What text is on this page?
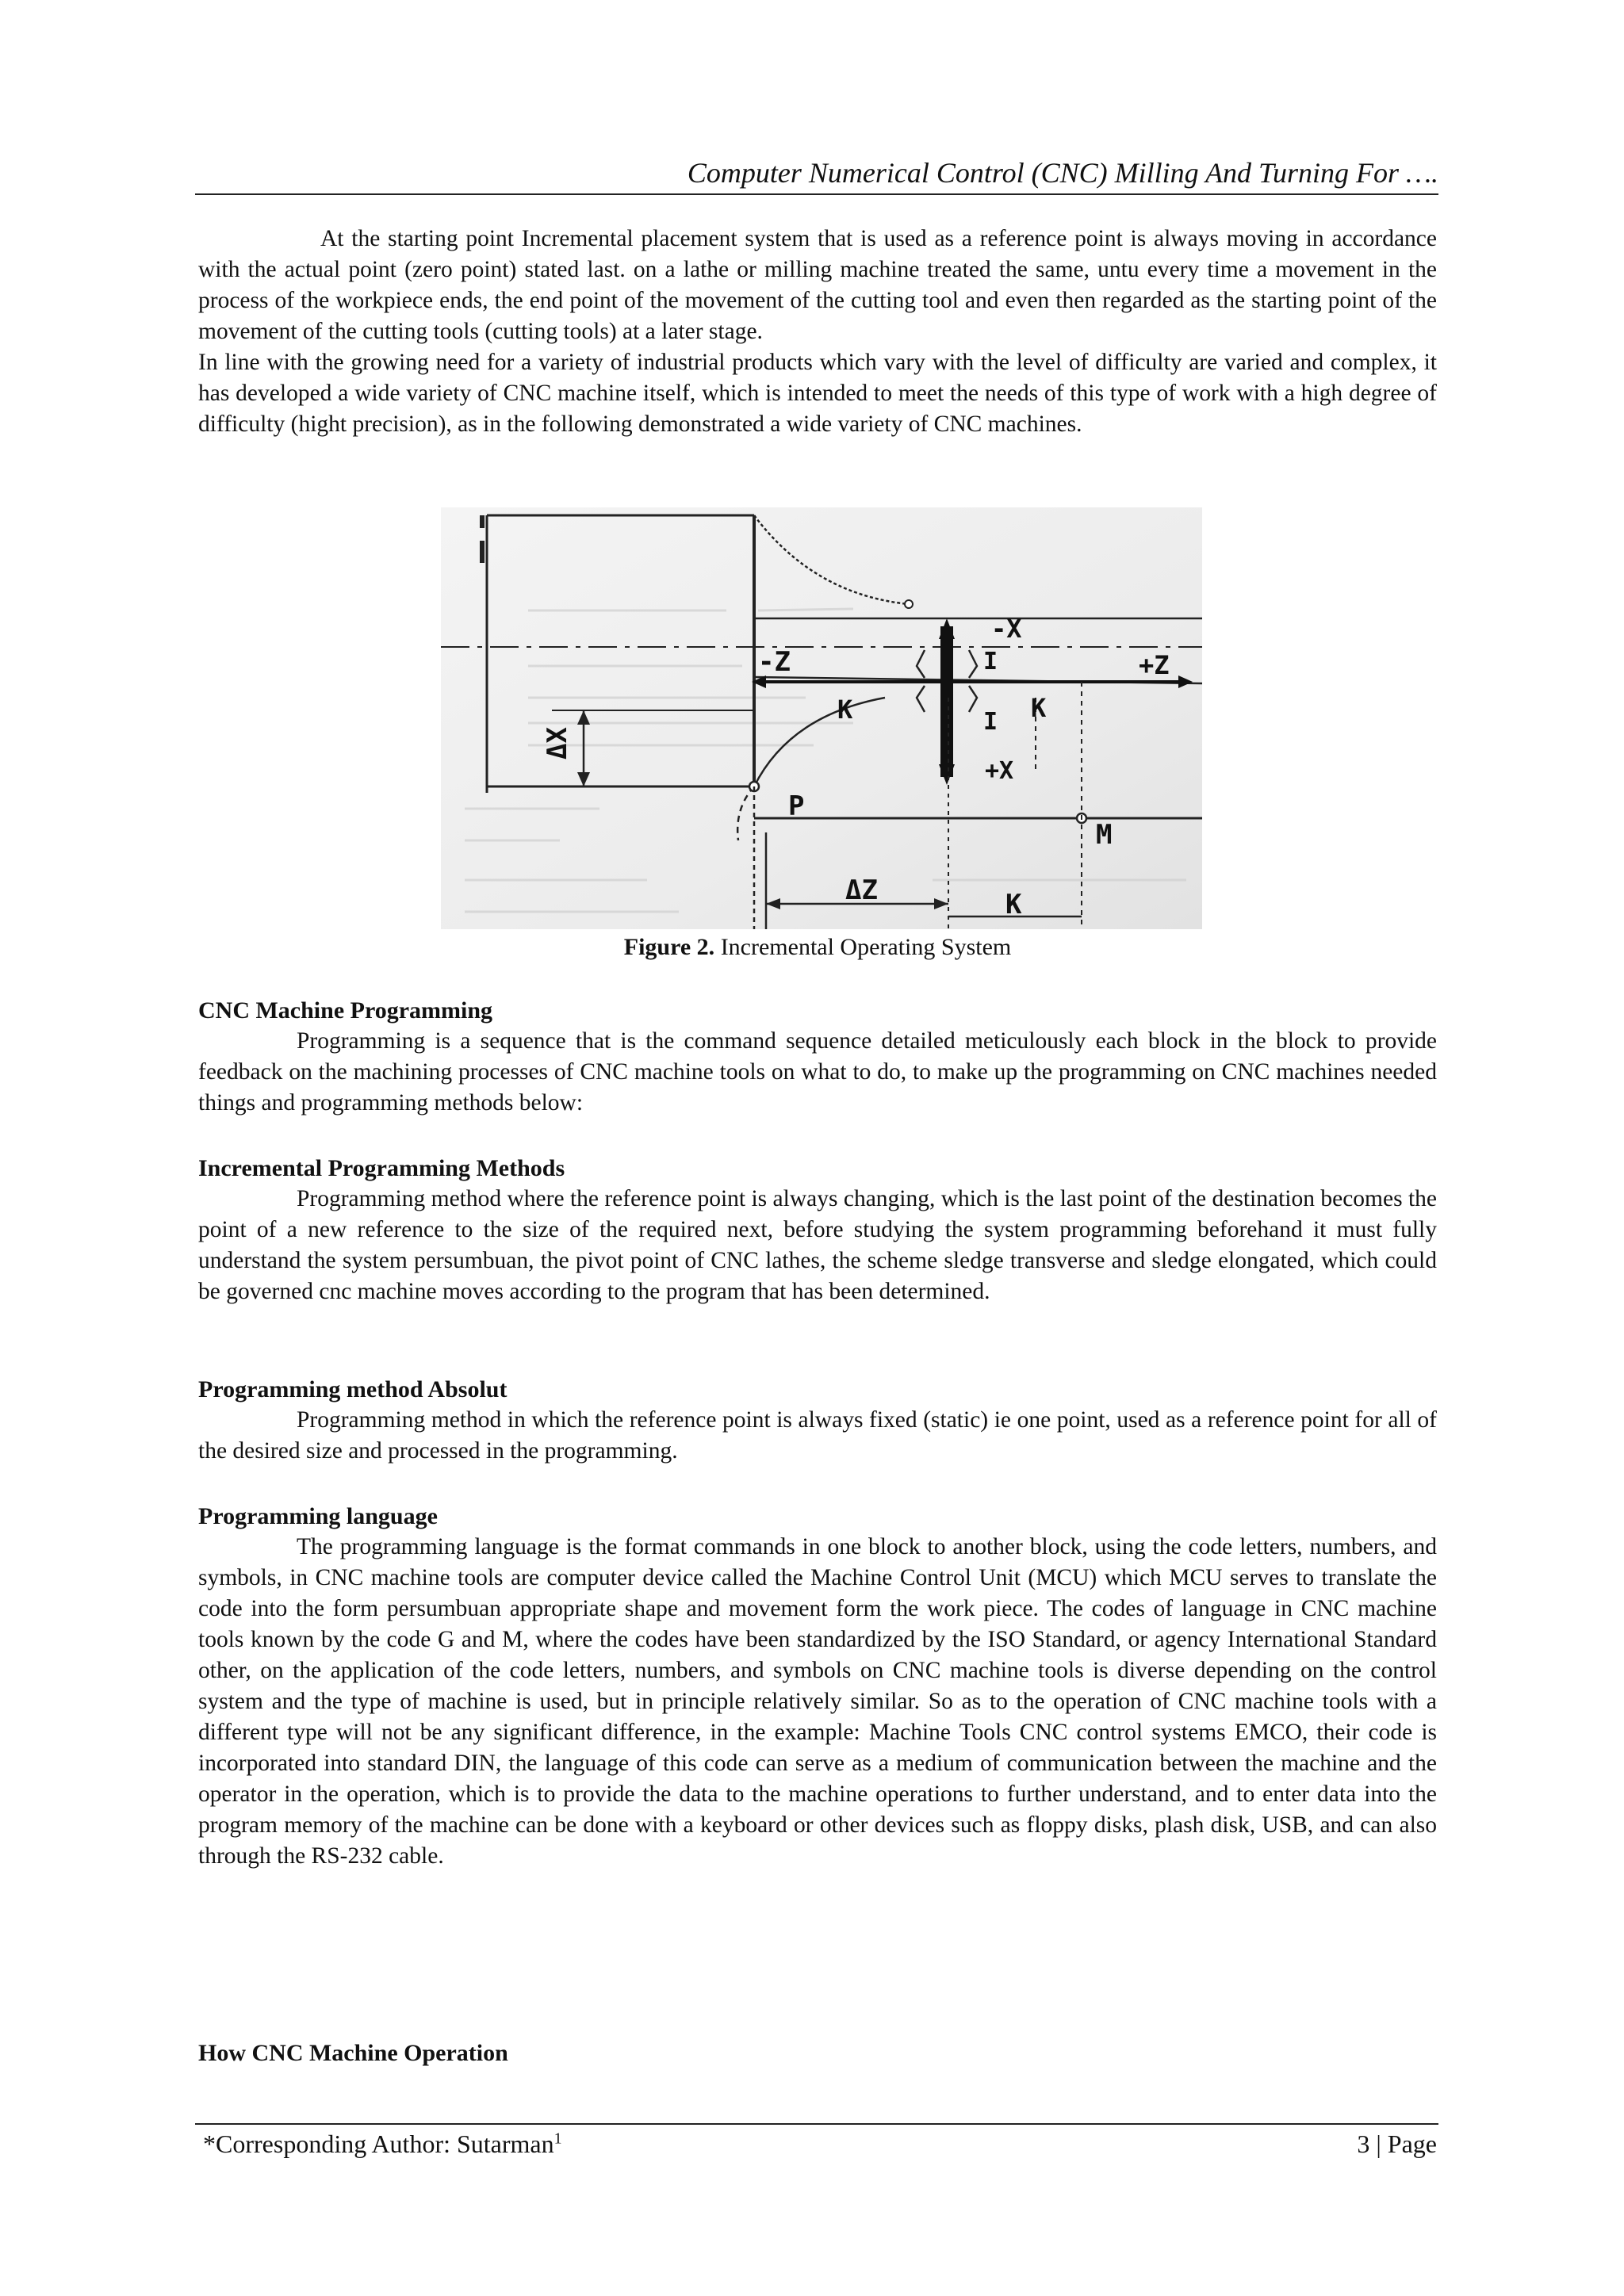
Computer Numerical Control (CNC) Milling And Turning For ….

At the starting point Incremental placement system that is used as a reference point is always moving in accordance with the actual point (zero point) stated last. on a lathe or milling machine treated the same, untu every time a movement in the process of the workpiece ends, the end point of the movement of the cutting tool and even then regarded as the starting point of the movement of the cutting tools (cutting tools) at a later stage.

In line with the growing need for a variety of industrial products which vary with the level of difficulty are varied and complex, it has developed a wide variety of CNC machine itself, which is intended to meet the needs of this type of work with a high degree of difficulty (hight precision), as in the following demonstrated a wide variety of CNC machines.

-X
+X
-Z	+Z
I
I
K	K
P
M
ΔZ	K
ΔX
Figure 2. Incremental Operating System

CNC Machine Programming

Programming is a sequence that is the command sequence detailed meticulously each block in the block to provide feedback on the machining processes of CNC machine tools on what to do, to make up the programming on CNC machines needed things and programming methods below:

Incremental Programming Methods

Programming method where the reference point is always changing, which is the last point of the destination becomes the point of a new reference to the size of the required next, before studying the system programming beforehand it must fully understand the system persumbuan, the pivot point of CNC lathes, the scheme sledge transverse and sledge elongated, which could be governed cnc machine moves according to the program that has been determined.

Programming method Absolut

Programming method in which the reference point is always fixed (static) ie one point, used as a reference point for all of the desired size and processed in the programming.

Programming language

The programming language is the format commands in one block to another block, using the code letters, numbers, and symbols, in CNC machine tools are computer device called the Machine Control Unit (MCU) which MCU serves to translate the code into the form persumbuan appropriate shape and movement form the work piece. The codes of language in CNC machine tools known by the code G and M, where the codes have been standardized by the ISO Standard, or agency International Standard other, on the application of the code letters, numbers, and symbols on CNC machine tools is diverse depending on the control system and the type of machine is used, but in principle relatively similar. So as to the operation of CNC machine tools with a different type will not be any significant difference, in the example: Machine Tools CNC control systems EMCO, their code is incorporated into standard DIN, the language of this code can serve as a medium of communication between the machine and the operator in the operation, which is to provide the data to the machine operations to further understand, and to enter data into the program memory of the machine can be done with a keyboard or other devices such as floppy disks, plash disk, USB, and can also through the RS-232 cable.

How CNC Machine Operation

*Corresponding Author: Sutarman$^1$	3 | Page
